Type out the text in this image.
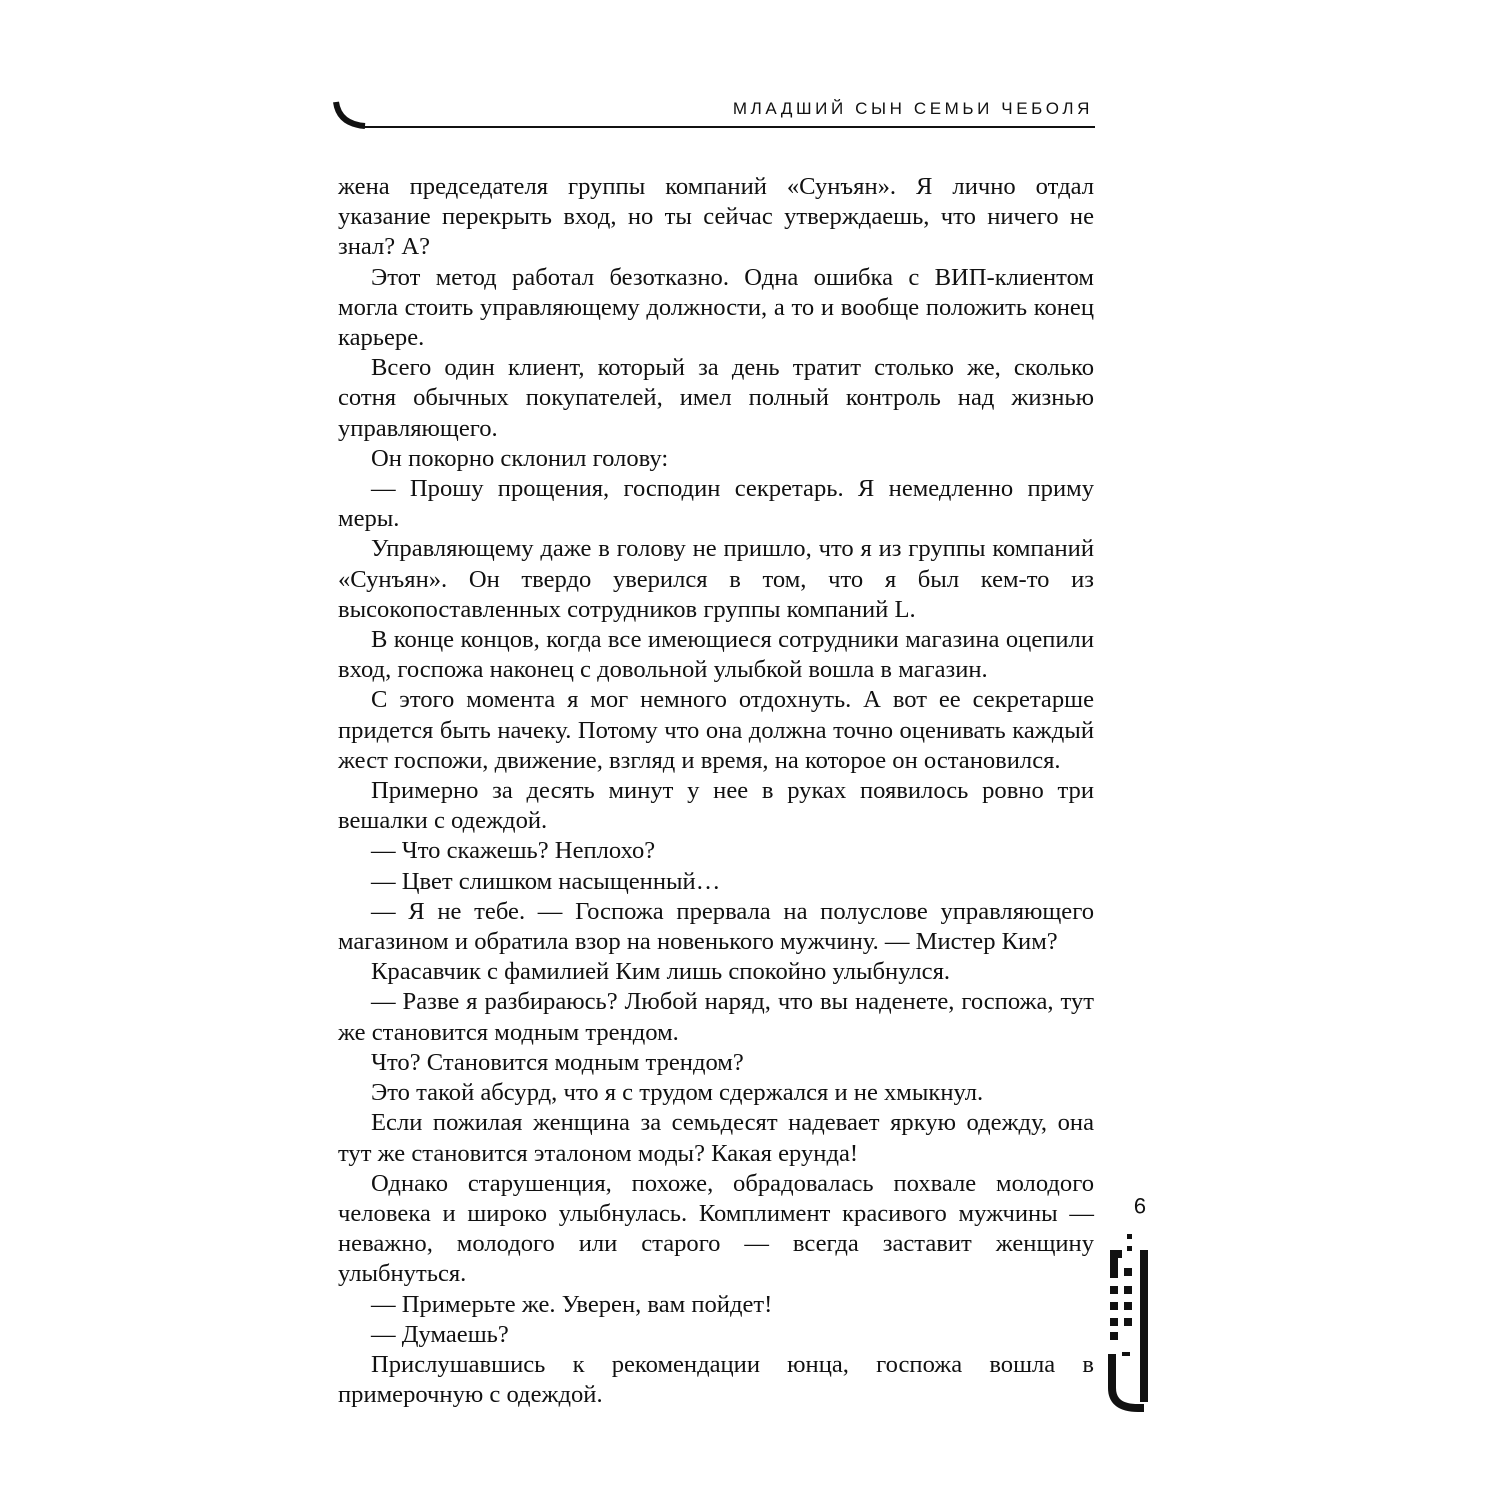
МЛАДШИЙ СЫН СЕМЬИ ЧЕБОЛЯ

жена председателя группы компаний «Сунъян». Я лично отдал указание перекрыть вход, но ты сейчас утверждаешь, что ничего не знал? А?

Этот метод работал безотказно. Одна ошибка с ВИП-клиентом могла стоить управляющему должности, а то и вообще положить конец карьере.

Всего один клиент, который за день тратит столько же, сколько сотня обычных покупателей, имел полный контроль над жизнью управляющего.

Он покорно склонил голову:

— Прошу прощения, господин секретарь. Я немедленно приму меры.

Управляющему даже в голову не пришло, что я из группы компаний «Сунъян». Он твердо уверился в том, что я был кем-то из высокопоставленных сотрудников группы компаний L.

В конце концов, когда все имеющиеся сотрудники магазина оцепили вход, госпожа наконец с довольной улыбкой вошла в магазин.

С этого момента я мог немного отдохнуть. А вот ее секретарше придется быть начеку. Потому что она должна точно оценивать каждый жест госпожи, движение, взгляд и время, на которое он остановился.

Примерно за десять минут у нее в руках появилось ровно три вешалки с одеждой.

— Что скажешь? Неплохо?

— Цвет слишком насыщенный…

— Я не тебе. — Госпожа прервала на полуслове управляющего магазином и обратила взор на новенького мужчину. — Мистер Ким?

Красавчик с фамилией Ким лишь спокойно улыбнулся.

— Разве я разбираюсь? Любой наряд, что вы наденете, госпожа, тут же становится модным трендом.

Что? Становится модным трендом?

Это такой абсурд, что я с трудом сдержался и не хмыкнул.

Если пожилая женщина за семьдесят надевает яркую одежду, она тут же становится эталоном моды? Какая ерунда!

Однако старушенция, похоже, обрадовалась похвале молодого человека и широко улыбнулась. Комплимент красивого мужчины — неважно, молодого или старого — всегда заставит женщину улыбнуться.

— Примерьте же. Уверен, вам пойдет!

— Думаешь?

Прислушавшись к рекомендации юнца, госпожа вошла в примерочную с одеждой.

9
